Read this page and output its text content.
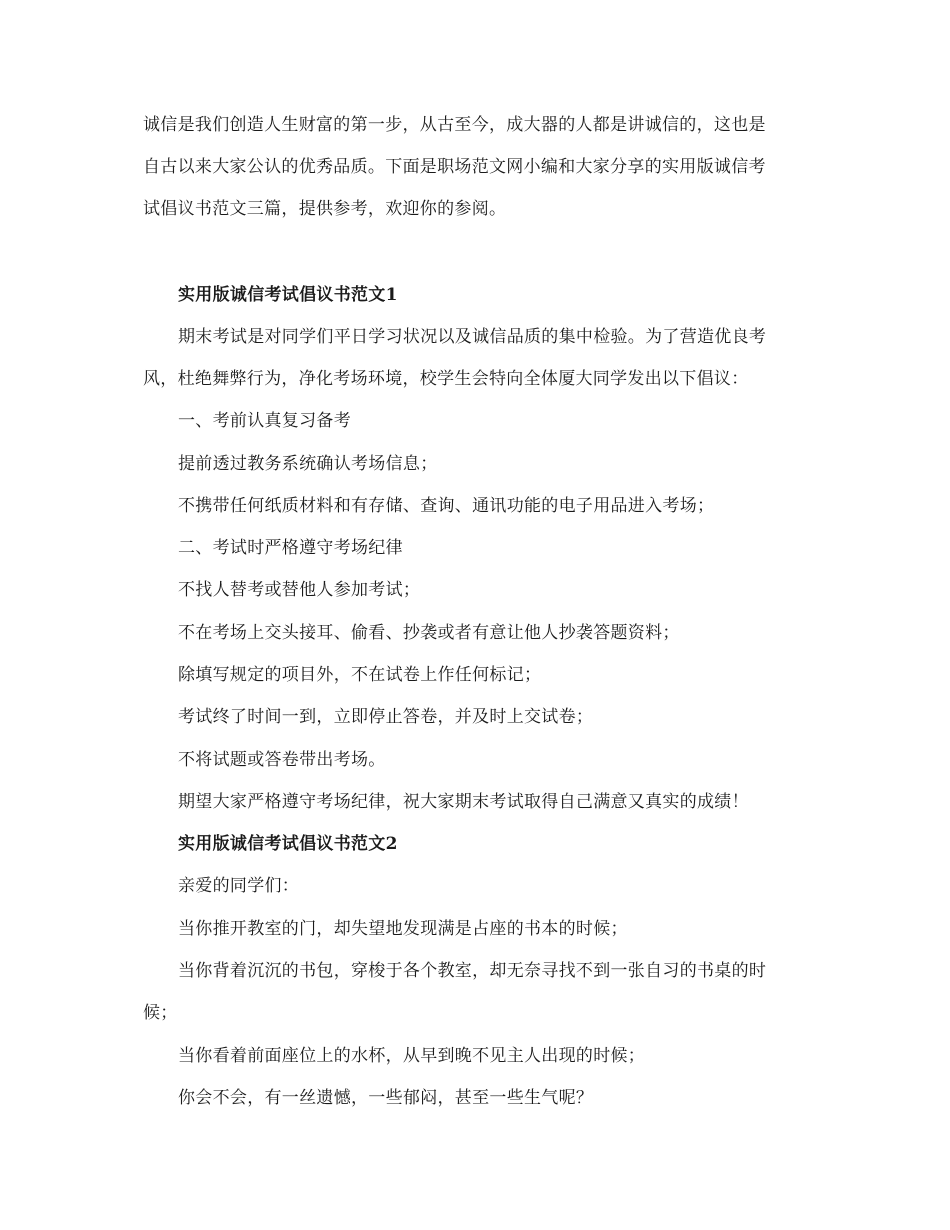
诚信是我们创造人生财富的第一步，从古至今，成大器的人都是讲诚信的，这也是
自古以来大家公认的优秀品质。下面是职场范文网小编和大家分享的实用版诚信考
试倡议书范文三篇，提供参考，欢迎你的参阅。
实用版诚信考试倡议书范文1
期末考试是对同学们平日学习状况以及诚信品质的集中检验。为了营造优良考
风，杜绝舞弊行为，净化考场环境，校学生会特向全体厦大同学发出以下倡议：
一、考前认真复习备考
提前透过教务系统确认考场信息；
不携带任何纸质材料和有存储、查询、通讯功能的电子用品进入考场；
二、考试时严格遵守考场纪律
不找人替考或替他人参加考试；
不在考场上交头接耳、偷看、抄袭或者有意让他人抄袭答题资料；
除填写规定的项目外，不在试卷上作任何标记；
考试终了时间一到，立即停止答卷，并及时上交试卷；
不将试题或答卷带出考场。
期望大家严格遵守考场纪律，祝大家期末考试取得自己满意又真实的成绩！
实用版诚信考试倡议书范文2
亲爱的同学们：
当你推开教室的门，却失望地发现满是占座的书本的时候；
当你背着沉沉的书包，穿梭于各个教室，却无奈寻找不到一张自习的书桌的时
候；
当你看着前面座位上的水杯，从早到晚不见主人出现的时候；
你会不会，有一丝遗憾，一些郁闷，甚至一些生气呢？
